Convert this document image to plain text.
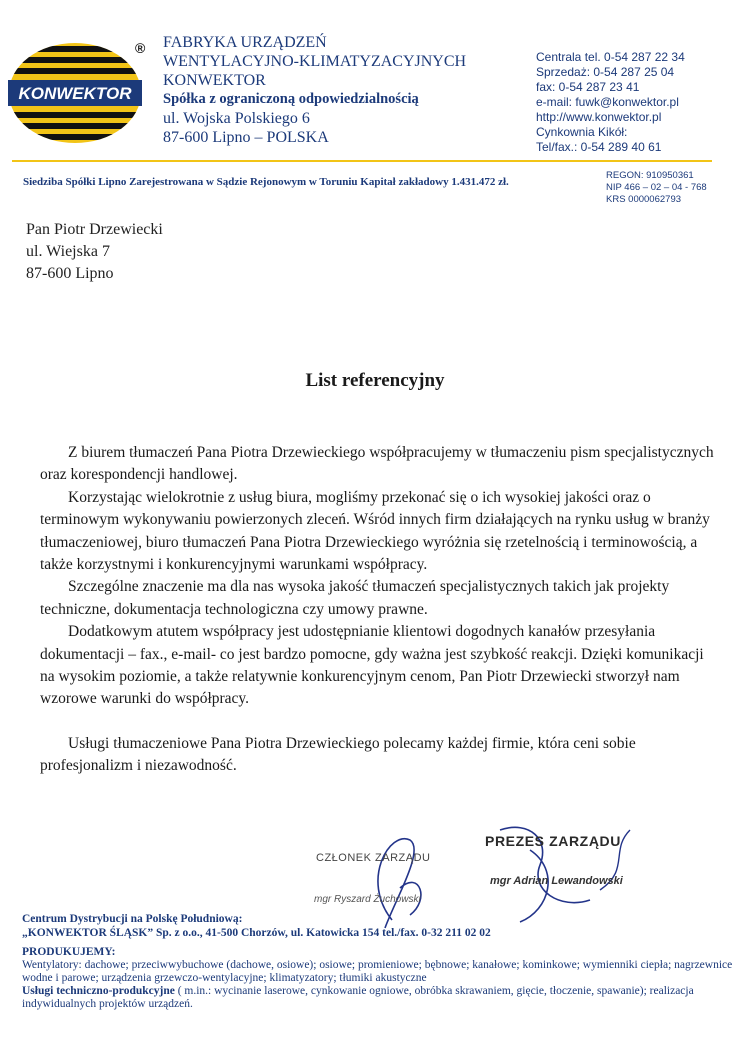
KONWEKTOR
® FABRYKA URZĄDZEŃ
WENTYLACYJNO-KLIMATYZACYJNYCH
KONWEKTOR
Spółka z ograniczoną odpowiedzialnością
ul. Wojska Polskiego 6
87-600 Lipno – POLSKA
Centrala tel. 0-54 287 22 34
Sprzedaż: 0-54 287 25 04
fax: 0-54 287 23 41
e-mail: fuwk@konwektor.pl
http://www.konwektor.pl
Cynkownia Kikół:
Tel/fax.: 0-54 289 40 61
Siedziba Spółki Lipno Zarejestrowana w Sądzie Rejonowym w Toruniu Kapitał zakładowy 1.431.472 zł.
REGON: 910950361
NIP 466 – 02 – 04 - 768
KRS 0000062793
Pan Piotr Drzewiecki
ul. Wiejska 7
87-600 Lipno
List referencyjny

Z biurem tłumaczeń Pana Piotra Drzewieckiego współpracujemy w tłumaczeniu pism specjalistycznych oraz korespondencji handlowej.

Korzystając wielokrotnie z usług biura, mogliśmy przekonać się o ich wysokiej jakości oraz o terminowym wykonywaniu powierzonych zleceń. Wśród innych firm działających na rynku usług w branży tłumaczeniowej, biuro tłumaczeń Pana Piotra Drzewieckiego wyróżnia się rzetelnością i terminowością, a także korzystnymi i konkurencyjnymi warunkami współpracy.

Szczególne znaczenie ma dla nas wysoka jakość tłumaczeń specjalistycznych takich jak projekty techniczne, dokumentacja technologiczna czy umowy prawne.

Dodatkowym atutem współpracy jest udostępnianie klientowi dogodnych kanałów przesyłania dokumentacji – fax., e-mail- co jest bardzo pomocne, gdy ważna jest szybkość reakcji. Dzięki komunikacji na wysokim poziomie, a także relatywnie konkurencyjnym cenom, Pan Piotr Drzewiecki stworzył nam wzorowe warunki do współpracy.

Usługi tłumaczeniowe Pana Piotra Drzewieckiego polecamy każdej firmie, która ceni sobie profesjonalizm i niezawodność.

CZŁONEK ZARZĄDU
mgr Ryszard Żuchowski
PREZES ZARZĄDU
mgr Adrian Lewandowski
Centrum Dystrybucji na Polskę Południową:
„KONWEKTOR ŚLĄSK” Sp. z o.o., 41-500 Chorzów, ul. Katowicka 154 tel./fax. 0-32 211 02 02
PRODUKUJEMY:
Wentylatory: dachowe; przeciwwybuchowe (dachowe, osiowe); osiowe; promieniowe; bębnowe; kanałowe; kominkowe; wymienniki ciepła; nagrzewnice wodne i parowe; urządzenia grzewczo-wentylacyjne; klimatyzatory; tłumiki akustyczne
Usługi techniczno-produkcyjne ( m.in.: wycinanie laserowe, cynkowanie ogniowe, obróbka skrawaniem, gięcie, tłoczenie, spawanie); realizacja indywidualnych projektów urządzeń.
